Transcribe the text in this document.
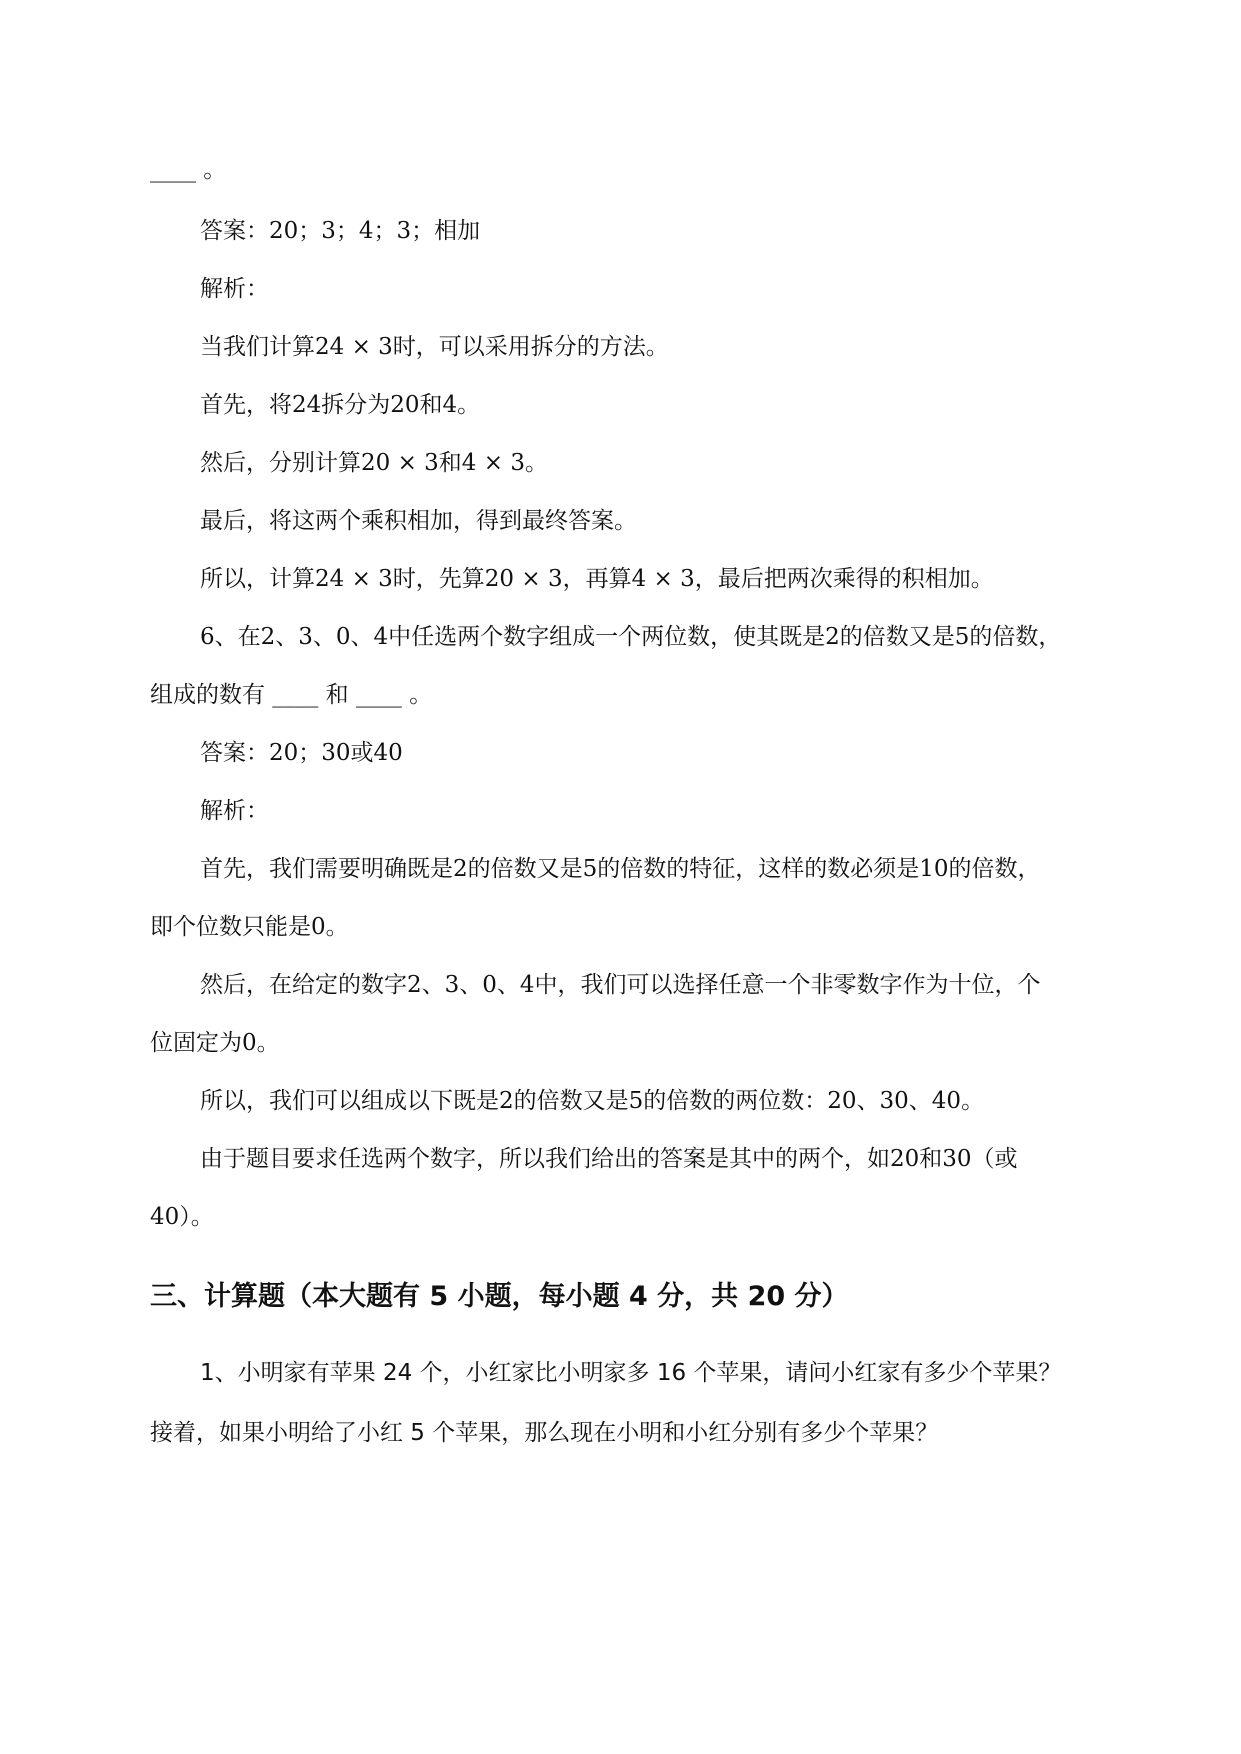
____ 。
答案：20；3；4；3；相加
解析：
当我们计算24 × 3时，可以采用拆分的方法。
首先，将24拆分为20和4。
然后，分别计算20 × 3和4 × 3。
最后，将这两个乘积相加，得到最终答案。
所以，计算24 × 3时，先算20 × 3，再算4 × 3，最后把两次乘得的积相加。
6、在2、3、0、4中任选两个数字组成一个两位数，使其既是2的倍数又是5的倍数，
组成的数有 ____ 和 ____ 。
答案：20；30或40
解析：
首先，我们需要明确既是2的倍数又是5的倍数的特征，这样的数必须是10的倍数，
即个位数只能是0。
然后，在给定的数字2、3、0、4中，我们可以选择任意一个非零数字作为十位，个
位固定为0。
所以，我们可以组成以下既是2的倍数又是5的倍数的两位数：20、30、40。
由于题目要求任选两个数字，所以我们给出的答案是其中的两个，如20和30（或
40）。
三、计算题（本大题有 5 小题，每小题 4 分，共 20 分）
1、小明家有苹果 24 个，小红家比小明家多 16 个苹果，请问小红家有多少个苹果？
接着，如果小明给了小红 5 个苹果，那么现在小明和小红分别有多少个苹果？
